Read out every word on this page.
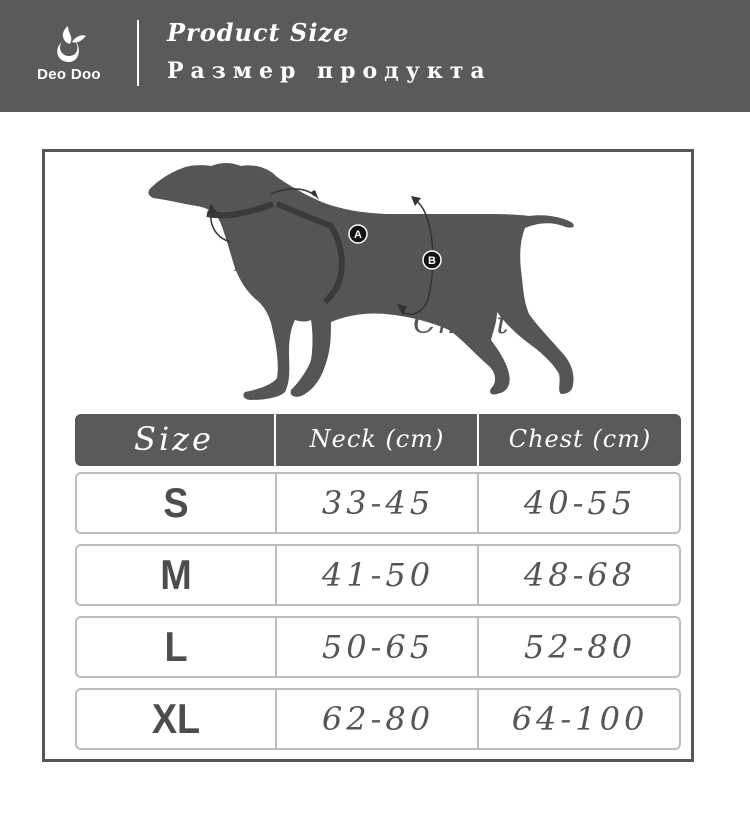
Deo Doo
Product Size
Размер продукта
A
B
Neck
Chest
Size	Neck (cm)	Chest (cm)
S	33-45	40-55
M	41-50	48-68
L	50-65	52-80
XL	62-80	64-100
